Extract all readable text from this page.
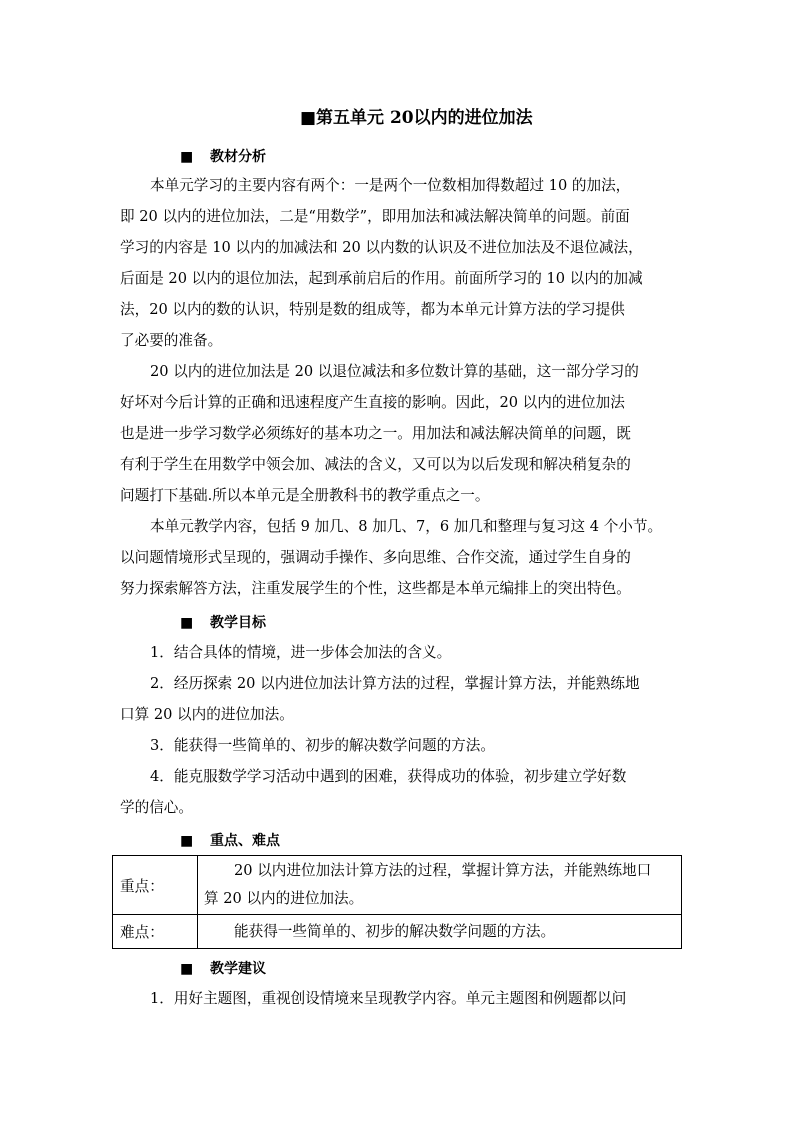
■第五单元 20以内的进位加法
■ 教材分析
本单元学习的主要内容有两个：一是两个一位数相加得数超过 10 的加法，
即 20 以内的进位加法，二是“用数学”，即用加法和减法解决简单的问题。前面
学习的内容是 10 以内的加减法和 20 以内数的认识及不进位加法及不退位减法，
后面是 20 以内的退位加法，起到承前启后的作用。前面所学习的 10 以内的加减
法，20 以内的数的认识，特别是数的组成等，都为本单元计算方法的学习提供
了必要的准备。
20 以内的进位加法是 20 以退位减法和多位数计算的基础，这一部分学习的
好坏对今后计算的正确和迅速程度产生直接的影响。因此，20 以内的进位加法
也是进一步学习数学必须练好的基本功之一。用加法和减法解决简单的问题，既
有利于学生在用数学中领会加、减法的含义，又可以为以后发现和解决稍复杂的
问题打下基础.所以本单元是全册教科书的教学重点之一。
本单元教学内容，包括 9 加几、8 加几、7，6 加几和整理与复习这 4 个小节。
以问题情境形式呈现的，强调动手操作、多向思维、合作交流，通过学生自身的
努力探索解答方法，注重发展学生的个性，这些都是本单元编排上的突出特色。
■ 教学目标
1．结合具体的情境，进一步体会加法的含义。
2．经历探索 20 以内进位加法计算方法的过程，掌握计算方法，并能熟练地
口算 20 以内的进位加法。
3．能获得一些简单的、初步的解决数学问题的方法。
4．能克服数学学习活动中遇到的困难，获得成功的体验，初步建立学好数
学的信心。
■ 重点、难点
重点：	20 以内进位加法计算方法的过程，掌握计算方法，并能熟练地口
算 20 以内的进位加法。

难点：	能获得一些简单的、初步的解决数学问题的方法。
■ 教学建议
1．用好主题图，重视创设情境来呈现教学内容。单元主题图和例题都以问
